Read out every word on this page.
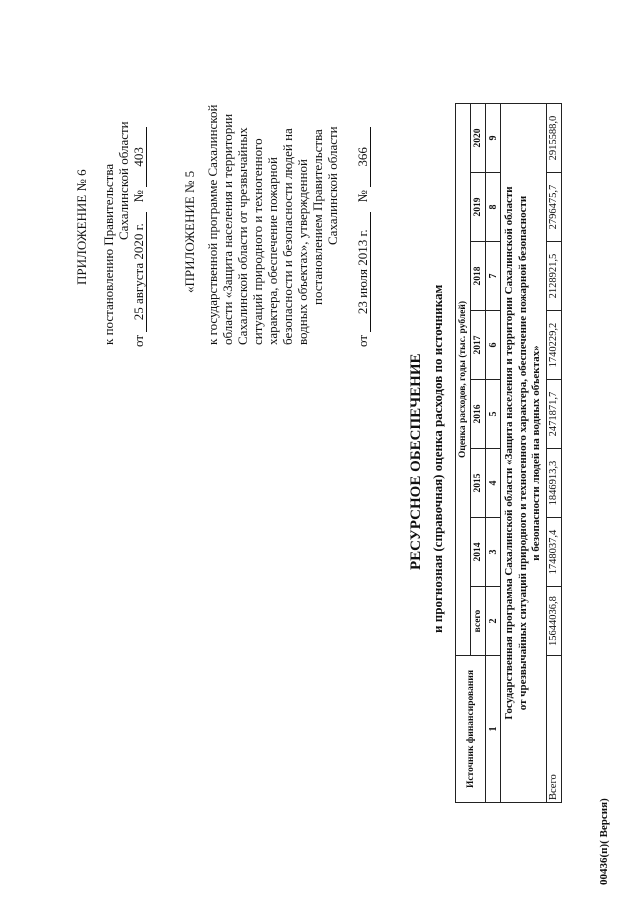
ПРИЛОЖЕНИЕ № 6 к постановлению Правительства Сахалинской области
от 25 августа 2020 г. № 403
«ПРИЛОЖЕНИЕ № 5 к государственной программе Сахалинской области «Защита населения и территории Сахалинской области от чрезвычайных ситуаций природного и техногенного характера, обеспечение пожарной безопасности и безопасности людей на водных объектах», утвержденной постановлением Правительства Сахалинской области
от 23 июля 2013 г. № 366
РЕСУРСНОЕ ОБЕСПЕЧЕНИЕ и прогнозная (справочная) оценка расходов по источникам
Источник финансирования	Оценка расходов, годы (тыс. рублей)							
	всего	2014	2015	2016	2017	2018	2019	2020
1	2	3	4	5	6	7	8	9

Государственная программа Сахалинской области «Защита населения и территории Сахалинской области от чрезвычайных ситуаций природного и техногенного характера, обеспечение пожарной безопасности и безопасности людей на водных объектах»								

Всего	15644036,8	1748037,4	1846913,3	2471871,7	1740229,2	2128921,5	2796475,7	2915588,0
00436(п)( Версия)
